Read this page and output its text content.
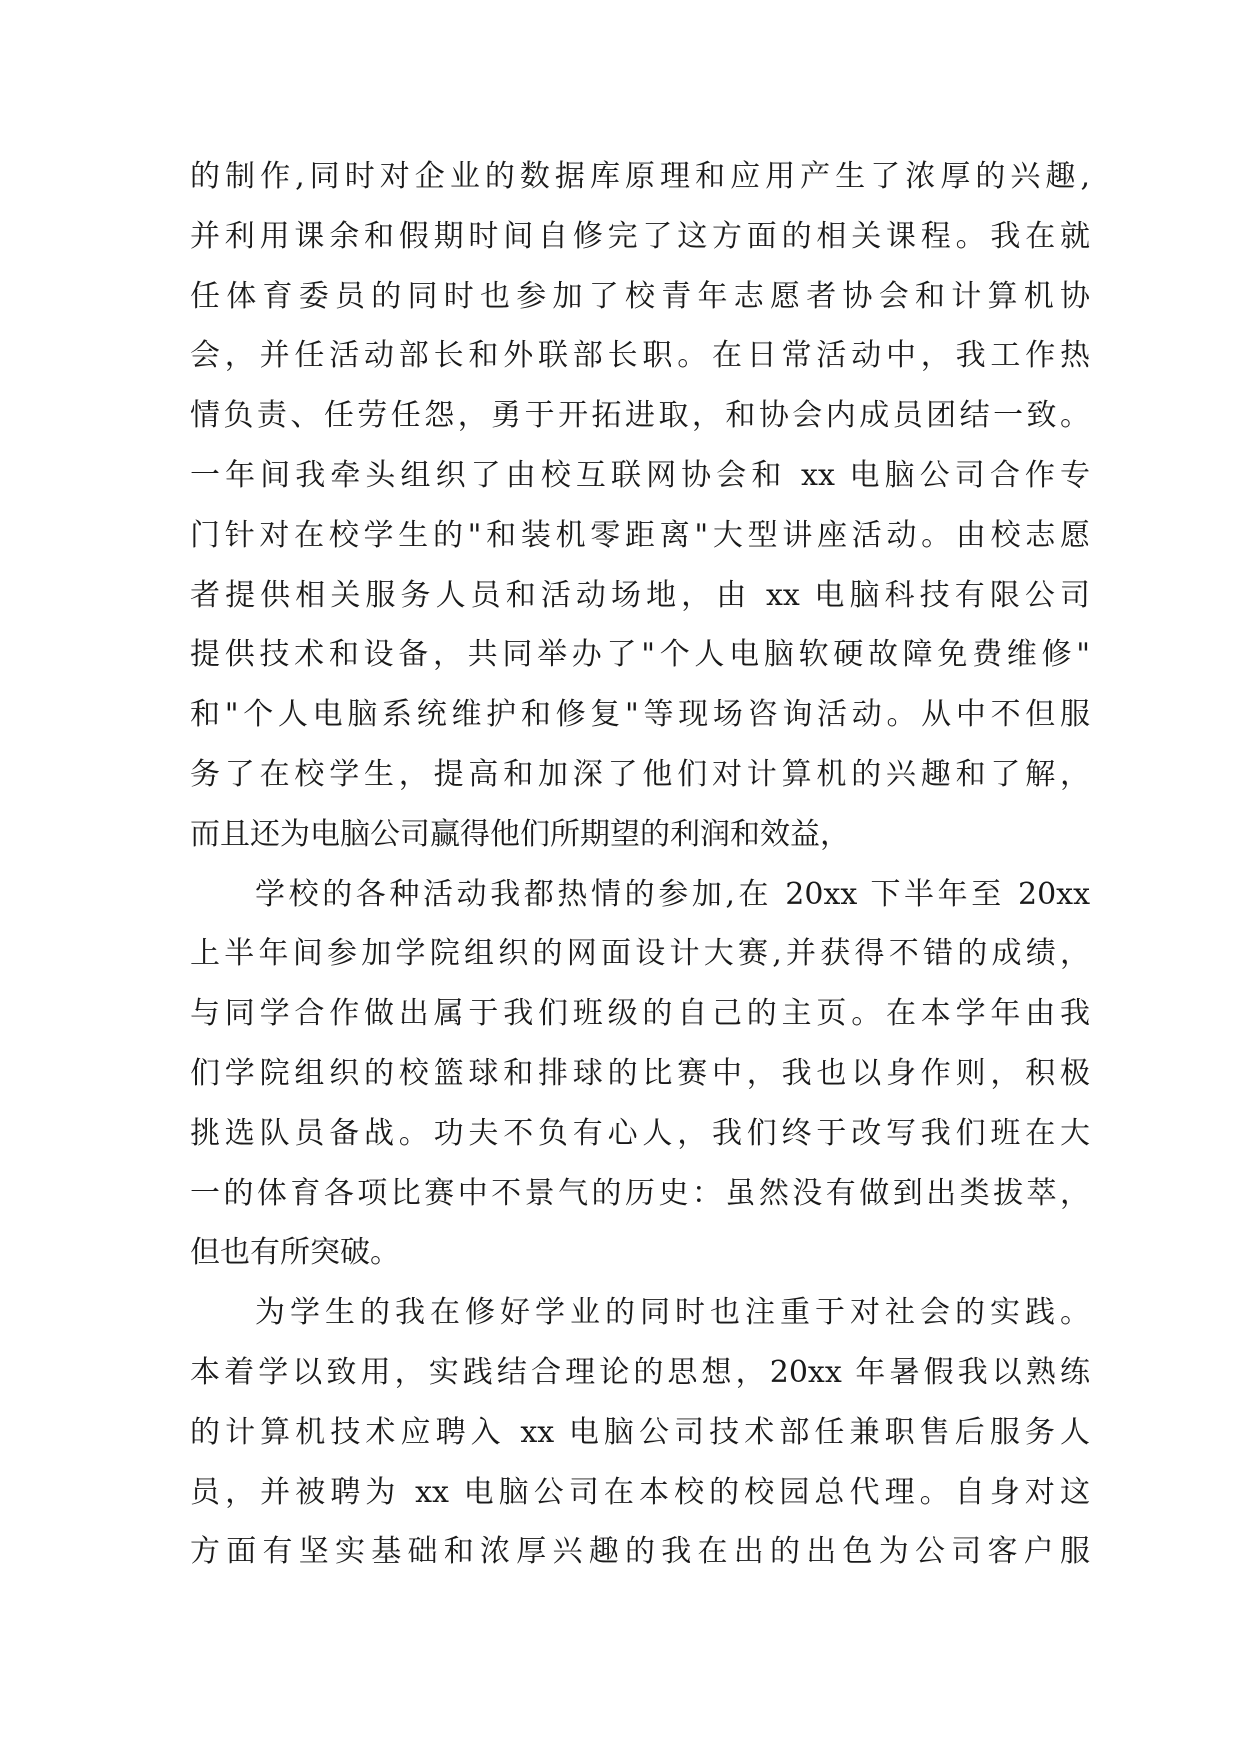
的制作,同时对企业的数据库原理和应用产生了浓厚的兴趣,
并利用课余和假期时间自修完了这方面的相关课程。我在就
任体育委员的同时也参加了校青年志愿者协会和计算机协
会，并任活动部长和外联部长职。在日常活动中，我工作热
情负责、任劳任怨，勇于开拓进取，和协会内成员团结一致。
一年间我牵头组织了由校互联网协会和 xx 电脑公司合作专
门针对在校学生的"和装机零距离"大型讲座活动。由校志愿
者提供相关服务人员和活动场地，由 xx 电脑科技有限公司
提供技术和设备，共同举办了"个人电脑软硬故障免费维修"
和"个人电脑系统维护和修复"等现场咨询活动。从中不但服
务了在校学生，提高和加深了他们对计算机的兴趣和了解，
而且还为电脑公司赢得他们所期望的利润和效益，
学校的各种活动我都热情的参加,在 20xx 下半年至 20xx
上半年间参加学院组织的网面设计大赛,并获得不错的成绩，
与同学合作做出属于我们班级的自己的主页。在本学年由我
们学院组织的校篮球和排球的比赛中，我也以身作则，积极
挑选队员备战。功夫不负有心人，我们终于改写我们班在大
一的体育各项比赛中不景气的历史：虽然没有做到出类拔萃，
但也有所突破。
为学生的我在修好学业的同时也注重于对社会的实践。
本着学以致用，实践结合理论的思想，20xx 年暑假我以熟练
的计算机技术应聘入 xx 电脑公司技术部任兼职售后服务人
员，并被聘为 xx 电脑公司在本校的校园总代理。自身对这
方面有坚实基础和浓厚兴趣的我在出的出色为公司客户服
